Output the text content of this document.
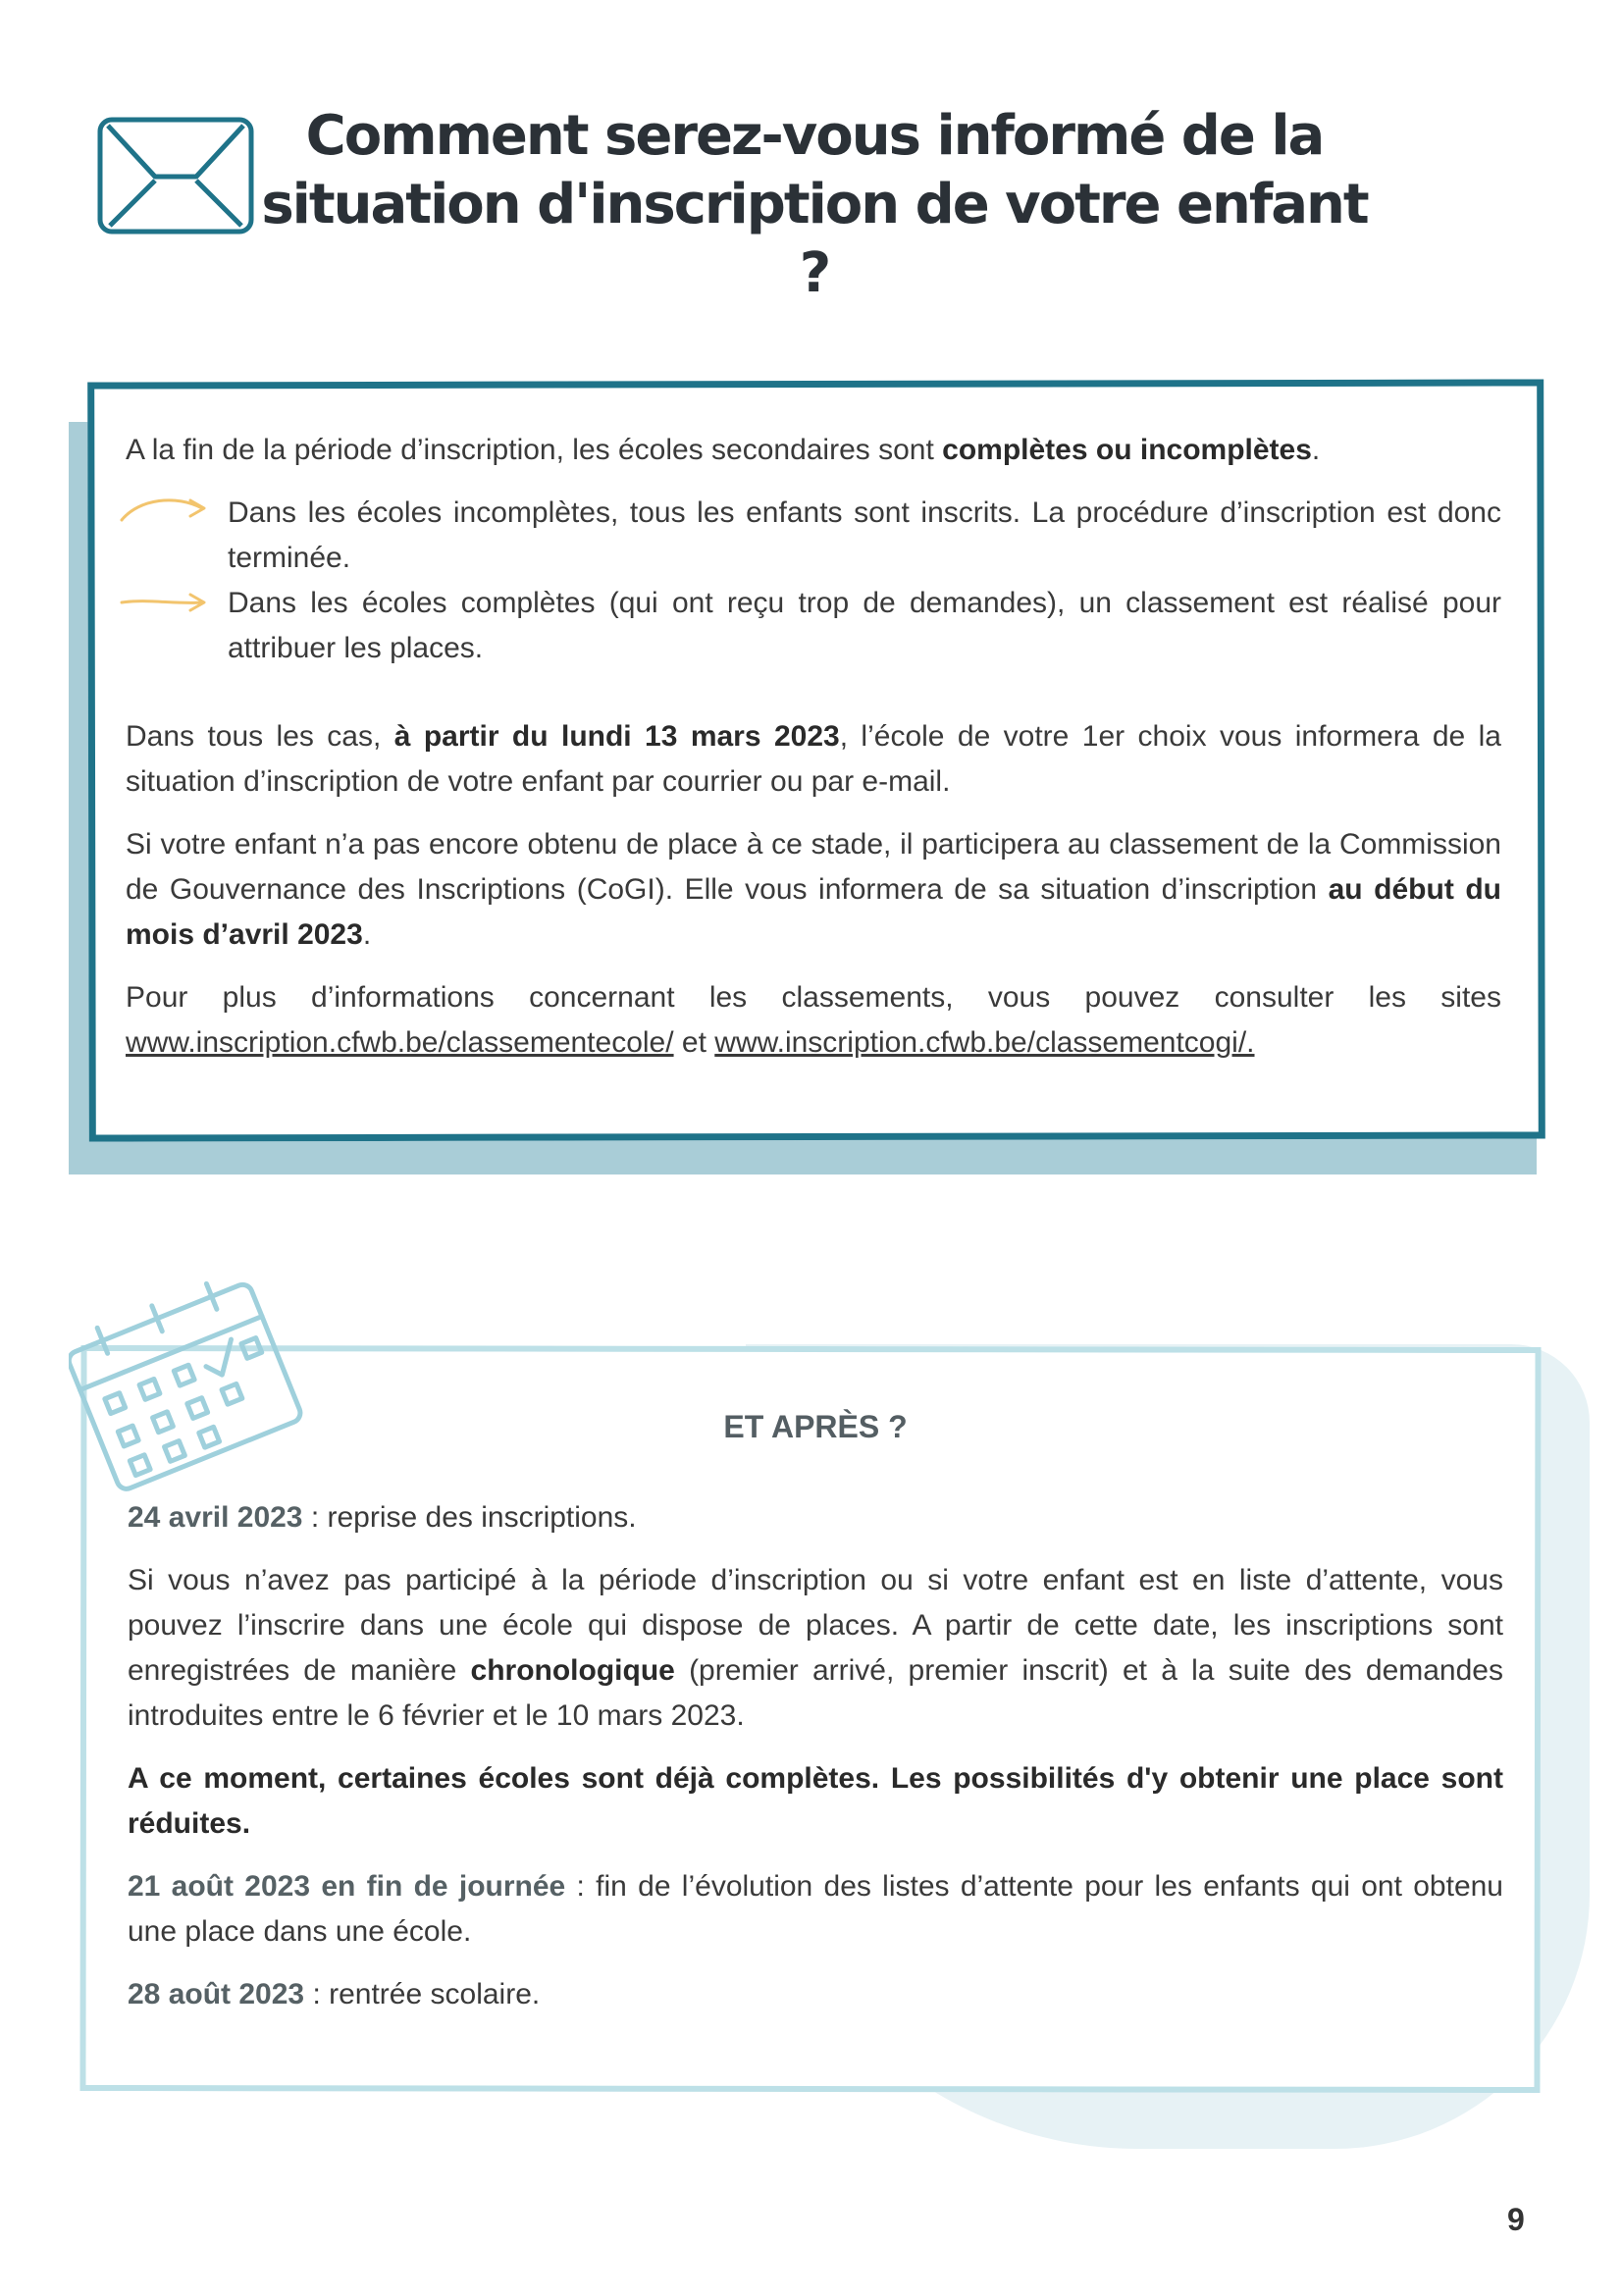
Comment serez-vous informé de la
situation d'inscription de votre enfant ?

A la fin de la période d’inscription, les écoles secondaires sont complètes ou incomplètes.

Dans les écoles incomplètes, tous les enfants sont inscrits. La procédure d’inscription est donc terminée.

Dans les écoles complètes (qui ont reçu trop de demandes), un classement est réalisé pour attribuer les places.

Dans tous les cas, à partir du lundi 13 mars 2023, l’école de votre 1er choix vous informera de la situation d’inscription de votre enfant par courrier ou par e-mail.

Si votre enfant n’a pas encore obtenu de place à ce stade, il participera au classement de la Commission de Gouvernance des Inscriptions (CoGI). Elle vous informera de sa situation d’inscription au début du mois d’avril 2023.

Pour plus d’informations concernant les classements, vous pouvez consulter les sites www.inscription.cfwb.be/classementecole/ et www.inscription.cfwb.be/classementcogi/.

ET APRÈS ?

24 avril 2023 : reprise des inscriptions.

Si vous n’avez pas participé à la période d’inscription ou si votre enfant est en liste d’attente, vous pouvez l’inscrire dans une école qui dispose de places. A partir de cette date, les inscriptions sont enregistrées de manière chronologique (premier arrivé, premier inscrit) et à la suite des demandes introduites entre le 6 février et le 10 mars 2023.

A ce moment, certaines écoles sont déjà complètes. Les possibilités d'y obtenir une place sont réduites.

21 août 2023 en fin de journée : fin de l’évolution des listes d’attente pour les enfants qui ont obtenu une place dans une école.

28 août 2023 : rentrée scolaire.

9
